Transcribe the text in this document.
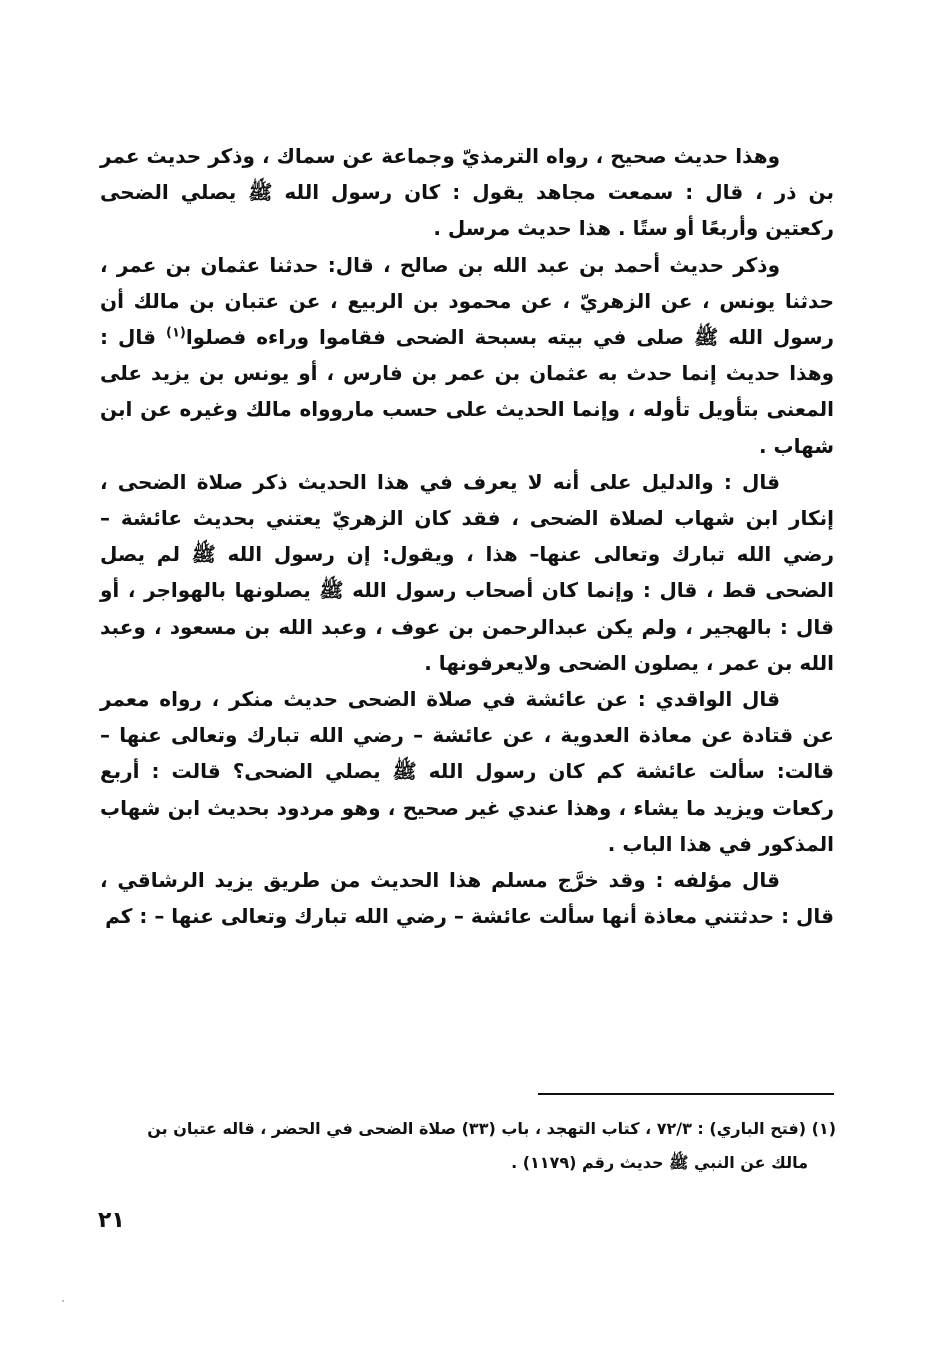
وهذا حديث صحيح ، رواه الترمذيّ وجماعة عن سماك ، وذكر حديث عمر بن ذر ، قال : سمعت مجاهد يقول : كان رسول الله ﷺ يصلي الضحى ركعتين وأربعًا أو ستًا . هذا حديث مرسل .

وذكر حديث أحمد بن عبد الله بن صالح ، قال: حدثنا عثمان بن عمر ، حدثنا يونس ، عن الزهريّ ، عن محمود بن الربيع ، عن عتبان بن مالك أن رسول الله ﷺ صلى في بيته بسبحة الضحى فقاموا وراءه فصلوا$^{(١)}$ قال : وهذا حديث إنما حدث به عثمان بن عمر بن فارس ، أو يونس بن يزيد على المعنى بتأويل تأوله ، وإنما الحديث على حسب ماروواه مالك وغيره عن ابن شهاب .

قال : والدليل على أنه لا يعرف في هذا الحديث ذكر صلاة الضحى ، إنكار ابن شهاب لصلاة الضحى ، فقد كان الزهريّ يعتني بحديث عائشة – رضي الله تبارك وتعالى عنها– هذا ، ويقول: إن رسول الله ﷺ لم يصل الضحى قط ، قال : وإنما كان أصحاب رسول الله ﷺ يصلونها بالهواجر ، أو قال : بالهجير ، ولم يكن عبدالرحمن بن عوف ، وعبد الله بن مسعود ، وعبد الله بن عمر ، يصلون الضحى ولايعرفونها .

قال الواقدي : عن عائشة في صلاة الضحى حديث منكر ، رواه معمر عن قتادة عن معاذة العدوية ، عن عائشة – رضي الله تبارك وتعالى عنها – قالت: سألت عائشة كم كان رسول الله ﷺ يصلي الضحى؟ قالت : أربع ركعات ويزيد ما يشاء ، وهذا عندي غير صحيح ، وهو مردود بحديث ابن شهاب المذكور في هذا الباب .

قال مؤلفه : وقد خرَّج مسلم هذا الحديث من طريق يزيد الرشاقي ، قال : حدثتني معاذة أنها سألت عائشة – رضي الله تبارك وتعالى عنها – : كم

(١) (فتح الباري) : ٧٢/٣ ، كتاب التهجد ، باب (٣٣) صلاة الضحى في الحضر ، قاله عتبان بن
مالك عن النبي ﷺ حديث رقم (١١٧٩) .
٢١
